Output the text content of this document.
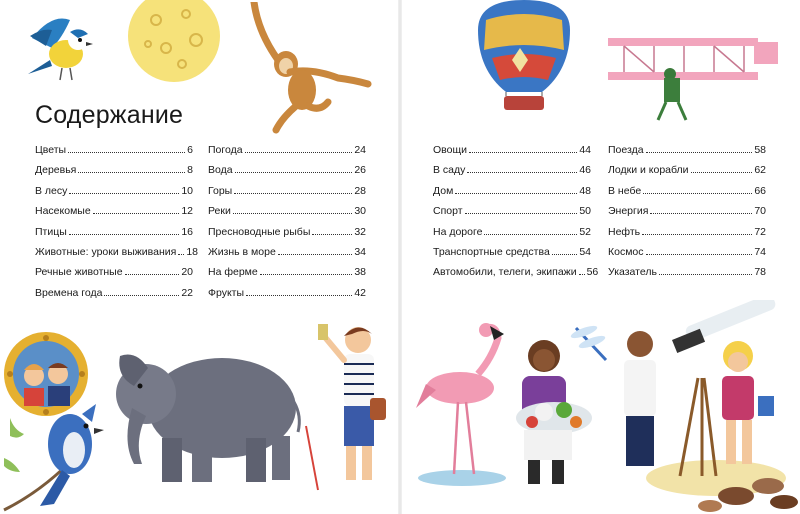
Содержание
Цветы	6
Деревья	8
В лесу	10
Насекомые	12
Птицы	16
Животные: уроки выживания 18
Речные животные	20
Времена года	22
Погода	24
Вода	26
Горы	28
Реки	30
Пресноводные рыбы	32
Жизнь в море	34
На ферме	38
Фрукты	42
Овощи	44
В саду	46
Дом	48
Спорт	50
На дороге	52
Транспортные средства	54
Автомобили, телеги, экипажи 56
Поезда	58
Лодки и корабли	62
В небе	66
Энергия	70
Нефть	72
Космос	74
Указатель	78
